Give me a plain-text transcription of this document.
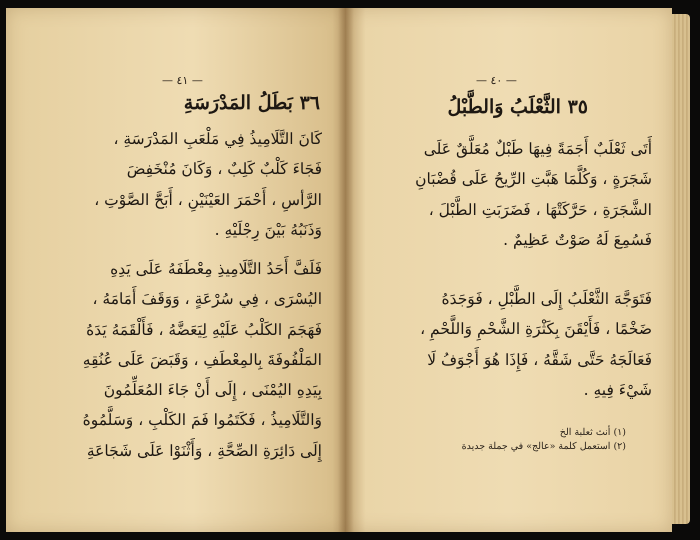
— ٤١ —
٣٦ بَطَلُ المَدْرَسَةِ
كَانَ التَّلَامِيذُ فِي مَلْعَبِ المَدْرَسَةِ ،
فَجَاءَ كَلْبٌ كَلِبٌ ، وَكَانَ مُنْخَفِضَ
الرَّأسِ ، أَحْمَرَ العَيْنَيْنِ ، أَبَحَّ الصَّوْتِ ،
وَذَنَبُهُ بَيْنَ رِجْلَيْهِ .
فَلَفَّ أَحَدُ التَّلَامِيذِ مِعْطَفَهُ عَلَى يَدِهِ
اليُسْرَى ، فِي سُرْعَةٍ ، وَوَقَفَ أَمَامَهُ ،
فَهَجَمَ الكَلْبُ عَلَيْهِ لِيَعَضَّهُ ، فَأَلْقَمَهُ يَدَهُ
المَلْفُوفَةَ بِالمِعْطَفِ ، وَقَبَضَ عَلَى عُنُقِهِ
بِيَدِهِ اليُمْنَى ، إِلَى أَنْ جَاءَ المُعَلِّمُونَ
وَالتَّلَامِيذُ ، فَكَتَمُوا فَمَ الكَلْبِ ، وَسَلَّمُوهُ
إِلَى دَائِرَةِ الصِّحَّةِ ، وَأَثْنَوْا عَلَى شَجَاعَةِ
— ٤٠ —
٣٥ الثَّعْلَبُ وَالطَّبْلُ
أَتَى ثَعْلَبٌ أَجَمَةً فِيهَا طَبْلٌ مُعَلَّقٌ عَلَى
شَجَرَةٍ ، وَكُلَّمَا هَبَّتِ الرِّيحُ عَلَى قُضْبَانِ
الشَّجَرَةِ ، حَرَّكَتْهَا ، فَضَرَبَتِ الطَّبْلَ ،
فَسُمِعَ لَهُ صَوْتٌ عَظِيمٌ .
فَتَوَجَّهَ الثَّعْلَبُ إِلَى الطَّبْلِ ، فَوَجَدَهُ
ضَخْمًا ، فَأَيْقَنَ بِكَثْرَةِ الشَّحْمِ وَاللَّحْمِ ،
فَعَالَجَهُ حَتَّى شَقَّهُ ، فَإِذَا هُوَ أَجْوَفُ لَا
شَيْءَ فِيهِ .
(١) أنث ثعلبة الخ
(٢) استعمل كلمة «عالج» في جملة جديدة
